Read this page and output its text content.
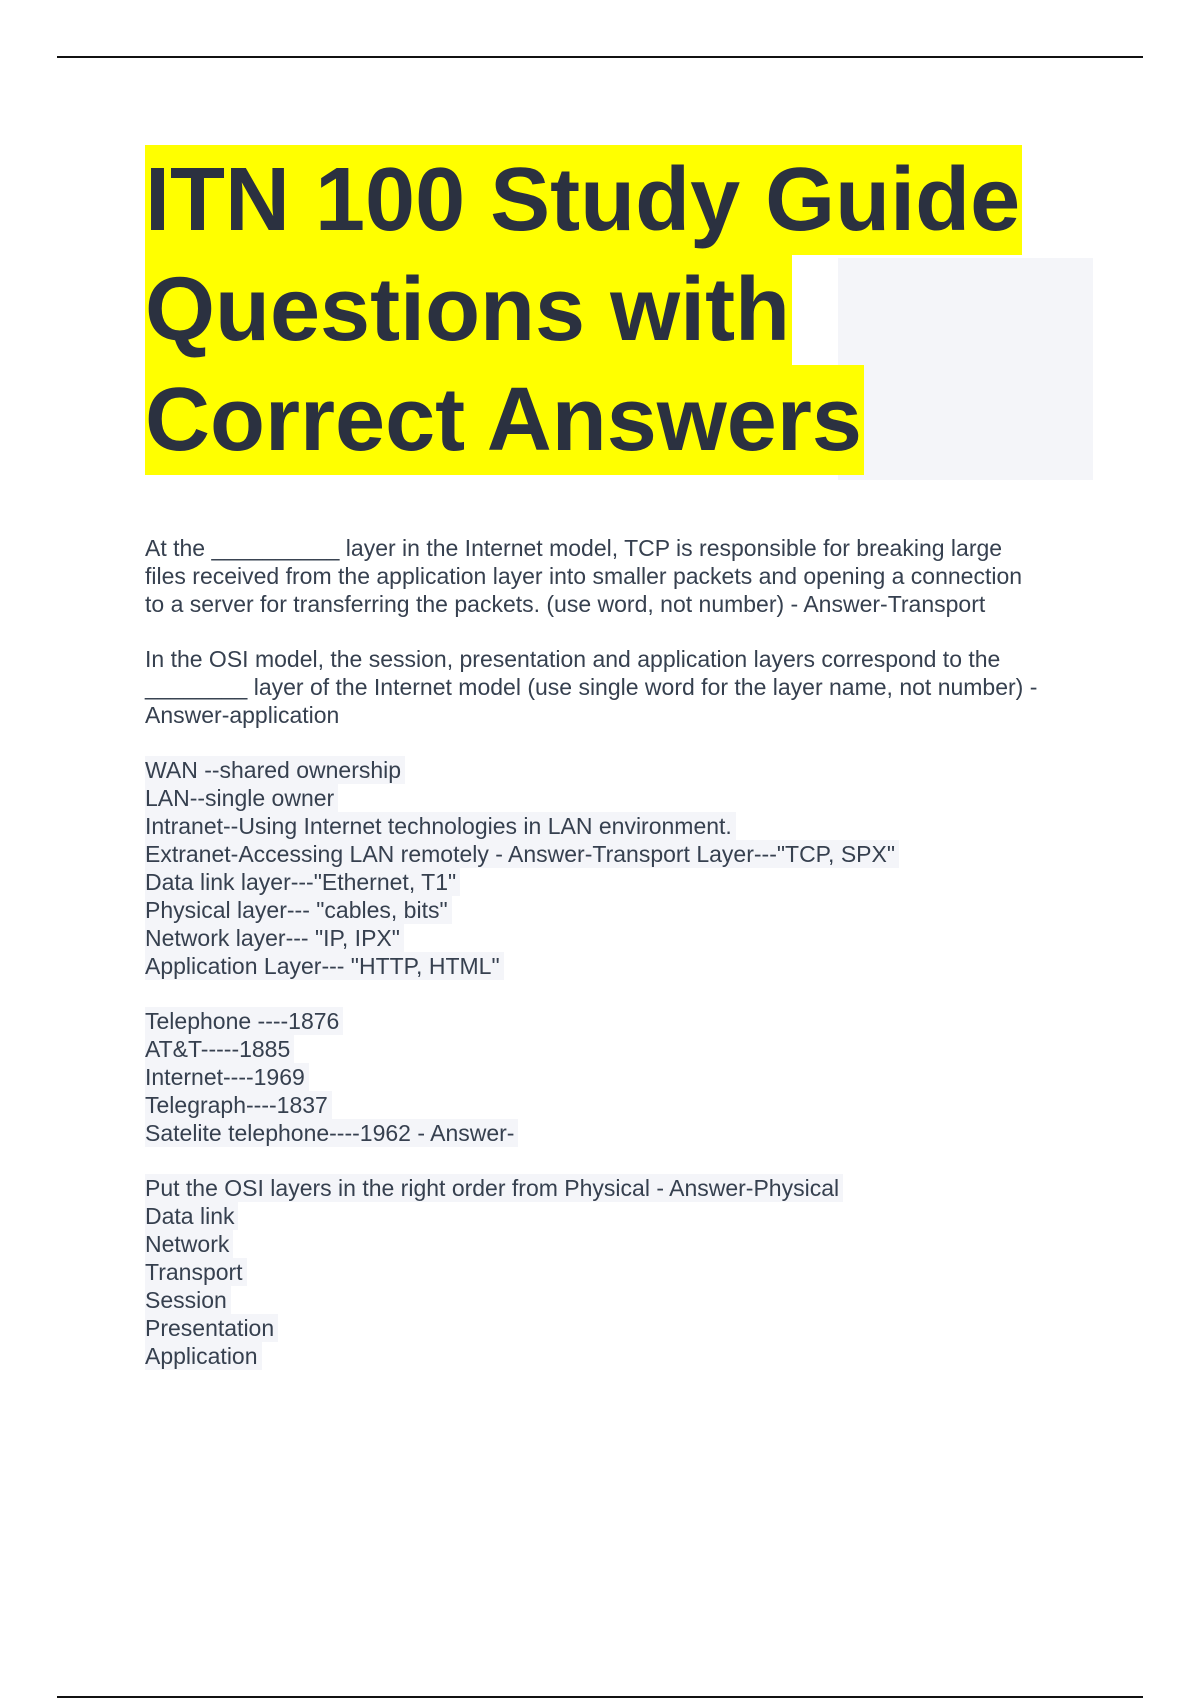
ITN 100 Study Guide
Questions with
Correct Answers
At the __________ layer in the Internet model, TCP is responsible for breaking large
files received from the application layer into smaller packets and opening a connection
to a server for transferring the packets. (use word, not number) - Answer-Transport
In the OSI model, the session, presentation and application layers correspond to the
________ layer of the Internet model (use single word for the layer name, not number) -
Answer-application
WAN --shared ownership
LAN--single owner
Intranet--Using Internet technologies in LAN environment.
Extranet-Accessing LAN remotely - Answer-Transport Layer---"TCP, SPX"
Data link layer---"Ethernet, T1"
Physical layer--- "cables, bits"
Network layer--- "IP, IPX"
Application Layer--- "HTTP, HTML"
Telephone ----1876
AT&T-----1885
Internet----1969
Telegraph----1837
Satelite telephone----1962 - Answer-
Put the OSI layers in the right order from Physical - Answer-Physical
Data link
Network
Transport
Session
Presentation
Application
